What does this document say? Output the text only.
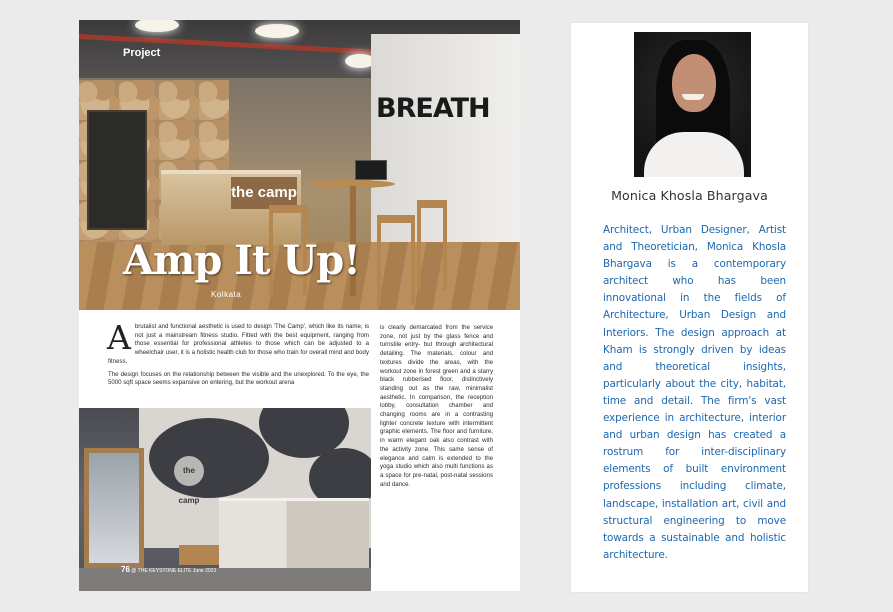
the camp
BREATH
Project
Amp It Up!
Kolkata

A brutalist and functional aesthetic is used to design 'The Camp', which like its name, is not just a mainstream fitness studio. Fitted with the best equipment, ranging from those essential for professional athletes to those which can be adjusted to a wheelchair user, it is a holistic health club for those who train for overall mind and body fitness.

The design focuses on the relationship between the visible and the unexplored. To the eye, the 5000 sqft space seems expansive on entering, but the workout arena

is clearly demarcated from the service zone, not just by the glass fence and turnstile entry- but through architectural detailing. The materials, colour and textures divide the areas, with the workout zone in forest green and a starry black rubberised floor, distinctively standing out as the raw, minimalist aesthetic. In comparison, the reception lobby, consultation chamber and changing rooms are in a contrasting lighter concrete texture with intermittent graphic elements. The floor and furniture, in warm elegant oak also contrast with the activity zone. This same sense of elegance and calm is extended to the yoga studio which also multi functions as a space for pre-natal, post-natal sessions and dance.
the camp
76 @ THE KEYSTONE ELITE June 2023
Monica Khosla Bhargava
Architect, Urban Designer, Artist and Theoretician, Monica Khosla Bhargava is a contemporary architect who has been innovational in the fields of Architecture, Urban Design and Interiors. The design approach at Kham is strongly driven by ideas and theoretical insights, particularly about the city, habitat, time and detail. The firm's vast experience in architecture, interior and urban design has created a rostrum for inter-disciplinary elements of built environment professions including climate, landscape, installation art, civil and structural engineering to move towards a sustainable and holistic architecture.
